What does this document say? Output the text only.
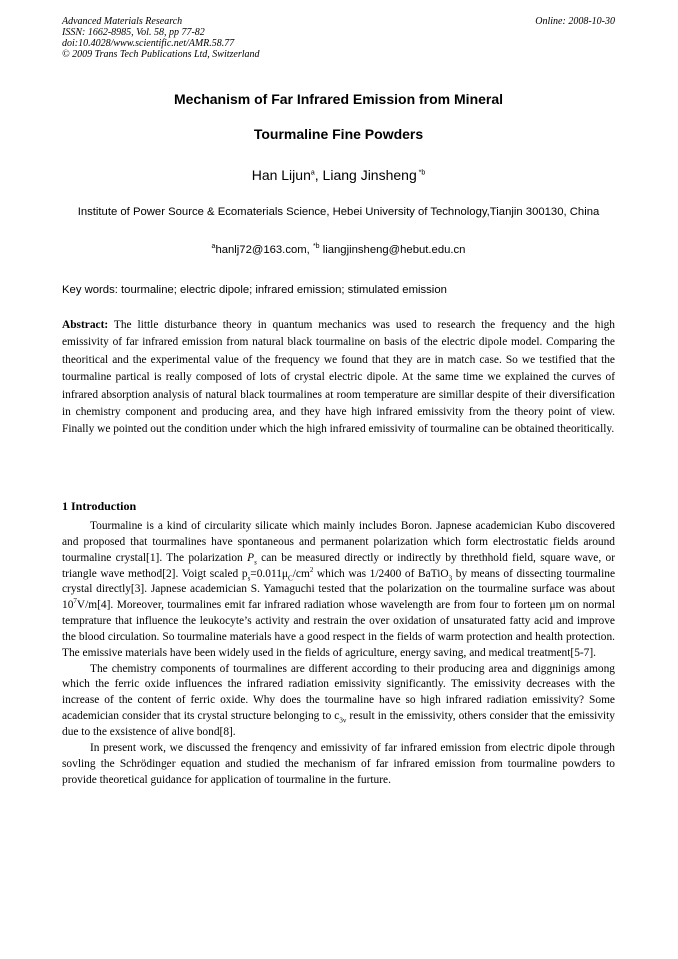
Advanced Materials Research
ISSN: 1662-8985, Vol. 58, pp 77-82
doi:10.4028/www.scientific.net/AMR.58.77
© 2009 Trans Tech Publications Ltd, Switzerland
Online: 2008-10-30
Mechanism of Far Infrared Emission from Mineral
Tourmaline Fine Powders
Han Lijun$^a$, Liang Jinsheng $^{*b}$
Institute of Power Source & Ecomaterials Science, Hebei University of Technology,Tianjin 300130, China
$^a$hanlj72@163.com, $^{*b}$ liangjinsheng@hebut.edu.cn
Key words: tourmaline; electric dipole; infrared emission; stimulated emission
Abstract: The little disturbance theory in quantum mechanics was used to research the frequency and the high emissivity of far infrared emission from natural black tourmaline on basis of the electric dipole model. Comparing the theoritical and the experimental value of the frequency we found that they are in match case. So we testified that the tourmaline partical is really composed of lots of crystal electric dipole. At the same time we explained the curves of infrared absorption analysis of natural black tourmalines at room temperature are simillar despite of their diversification in chemistry component and producing area, and they have high infrared emissivity from the theory point of view. Finally we pointed out the condition under which the high infrared emissivity of tourmaline can be obtained theoritically.
1 Introduction

Tourmaline is a kind of circularity silicate which mainly includes Boron. Japnese academician Kubo discovered and proposed that tourmalines have spontaneous and permanent polarization which form electrostatic fields around tourmaline crystal[1]. The polarization $P_s$ can be measured directly or indirectly by threthhold field, square wave, or triangle wave method[2]. Voigt scaled $p_s=0.011\mu_C/cm^2$ which was 1/2400 of BaTiO$_3$ by means of dissecting tourmaline crystal directly[3]. Japnese academician S. Yamaguchi tested that the polarization on the tourmaline surface was about $10^7V/m[4]$. Moreover, tourmalines emit far infrared radiation whose wavelength are from four to forteen μm on normal temprature that influence the leukocyte’s activity and restrain the over oxidation of unsaturated fatty acid and improve the blood circulation. So tourmaline materials have a good respect in the fields of warm protection and health protection. The emissive materials have been widely used in the fields of agriculture, energy saving, and medical treatment[5-7].

The chemistry components of tourmalines are different according to their producing area and diggninigs among which the ferric oxide influences the infrared radiation emissivity significantly. The emissivity decreases with the increase of the content of ferric oxide. Why does the tourmaline have so high infrared radiation emissivity? Some academician consider that its crystal structure belonging to $c_{3v}$ result in the emissivity, others consider that the emissivity due to the exsistence of alive bond[8].

In present work, we discussed the frenqency and emissivity of far infrared emission from electric dipole through sovling the Schrödinger equation and studied the mechanism of far infrared emission from tourmaline powders to provide theoretical guidance for application of tourmaline in the furture.
